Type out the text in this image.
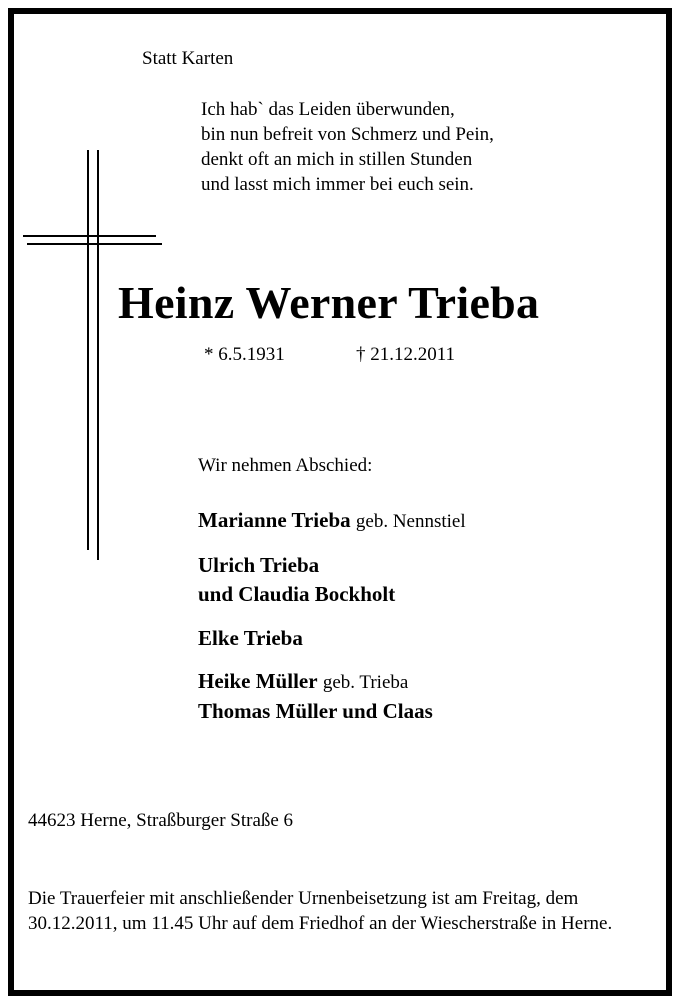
Statt Karten
Ich hab` das Leiden überwunden,
bin nun befreit von Schmerz und Pein,
denkt oft an mich in stillen Stunden
und lasst mich immer bei euch sein.
Heinz Werner Trieba
* 6.5.1931	† 21.12.2011
Wir nehmen Abschied:
Marianne Trieba geb. Nennstiel
Ulrich Trieba
und Claudia Bockholt
Elke Trieba
Heike Müller geb. Trieba
Thomas Müller und Claas
44623 Herne, Straßburger Straße 6
Die Trauerfeier mit anschließender Urnenbeisetzung ist am Freitag, dem 30.12.2011, um 11.45 Uhr auf dem Friedhof an der Wiescherstraße in Herne.
